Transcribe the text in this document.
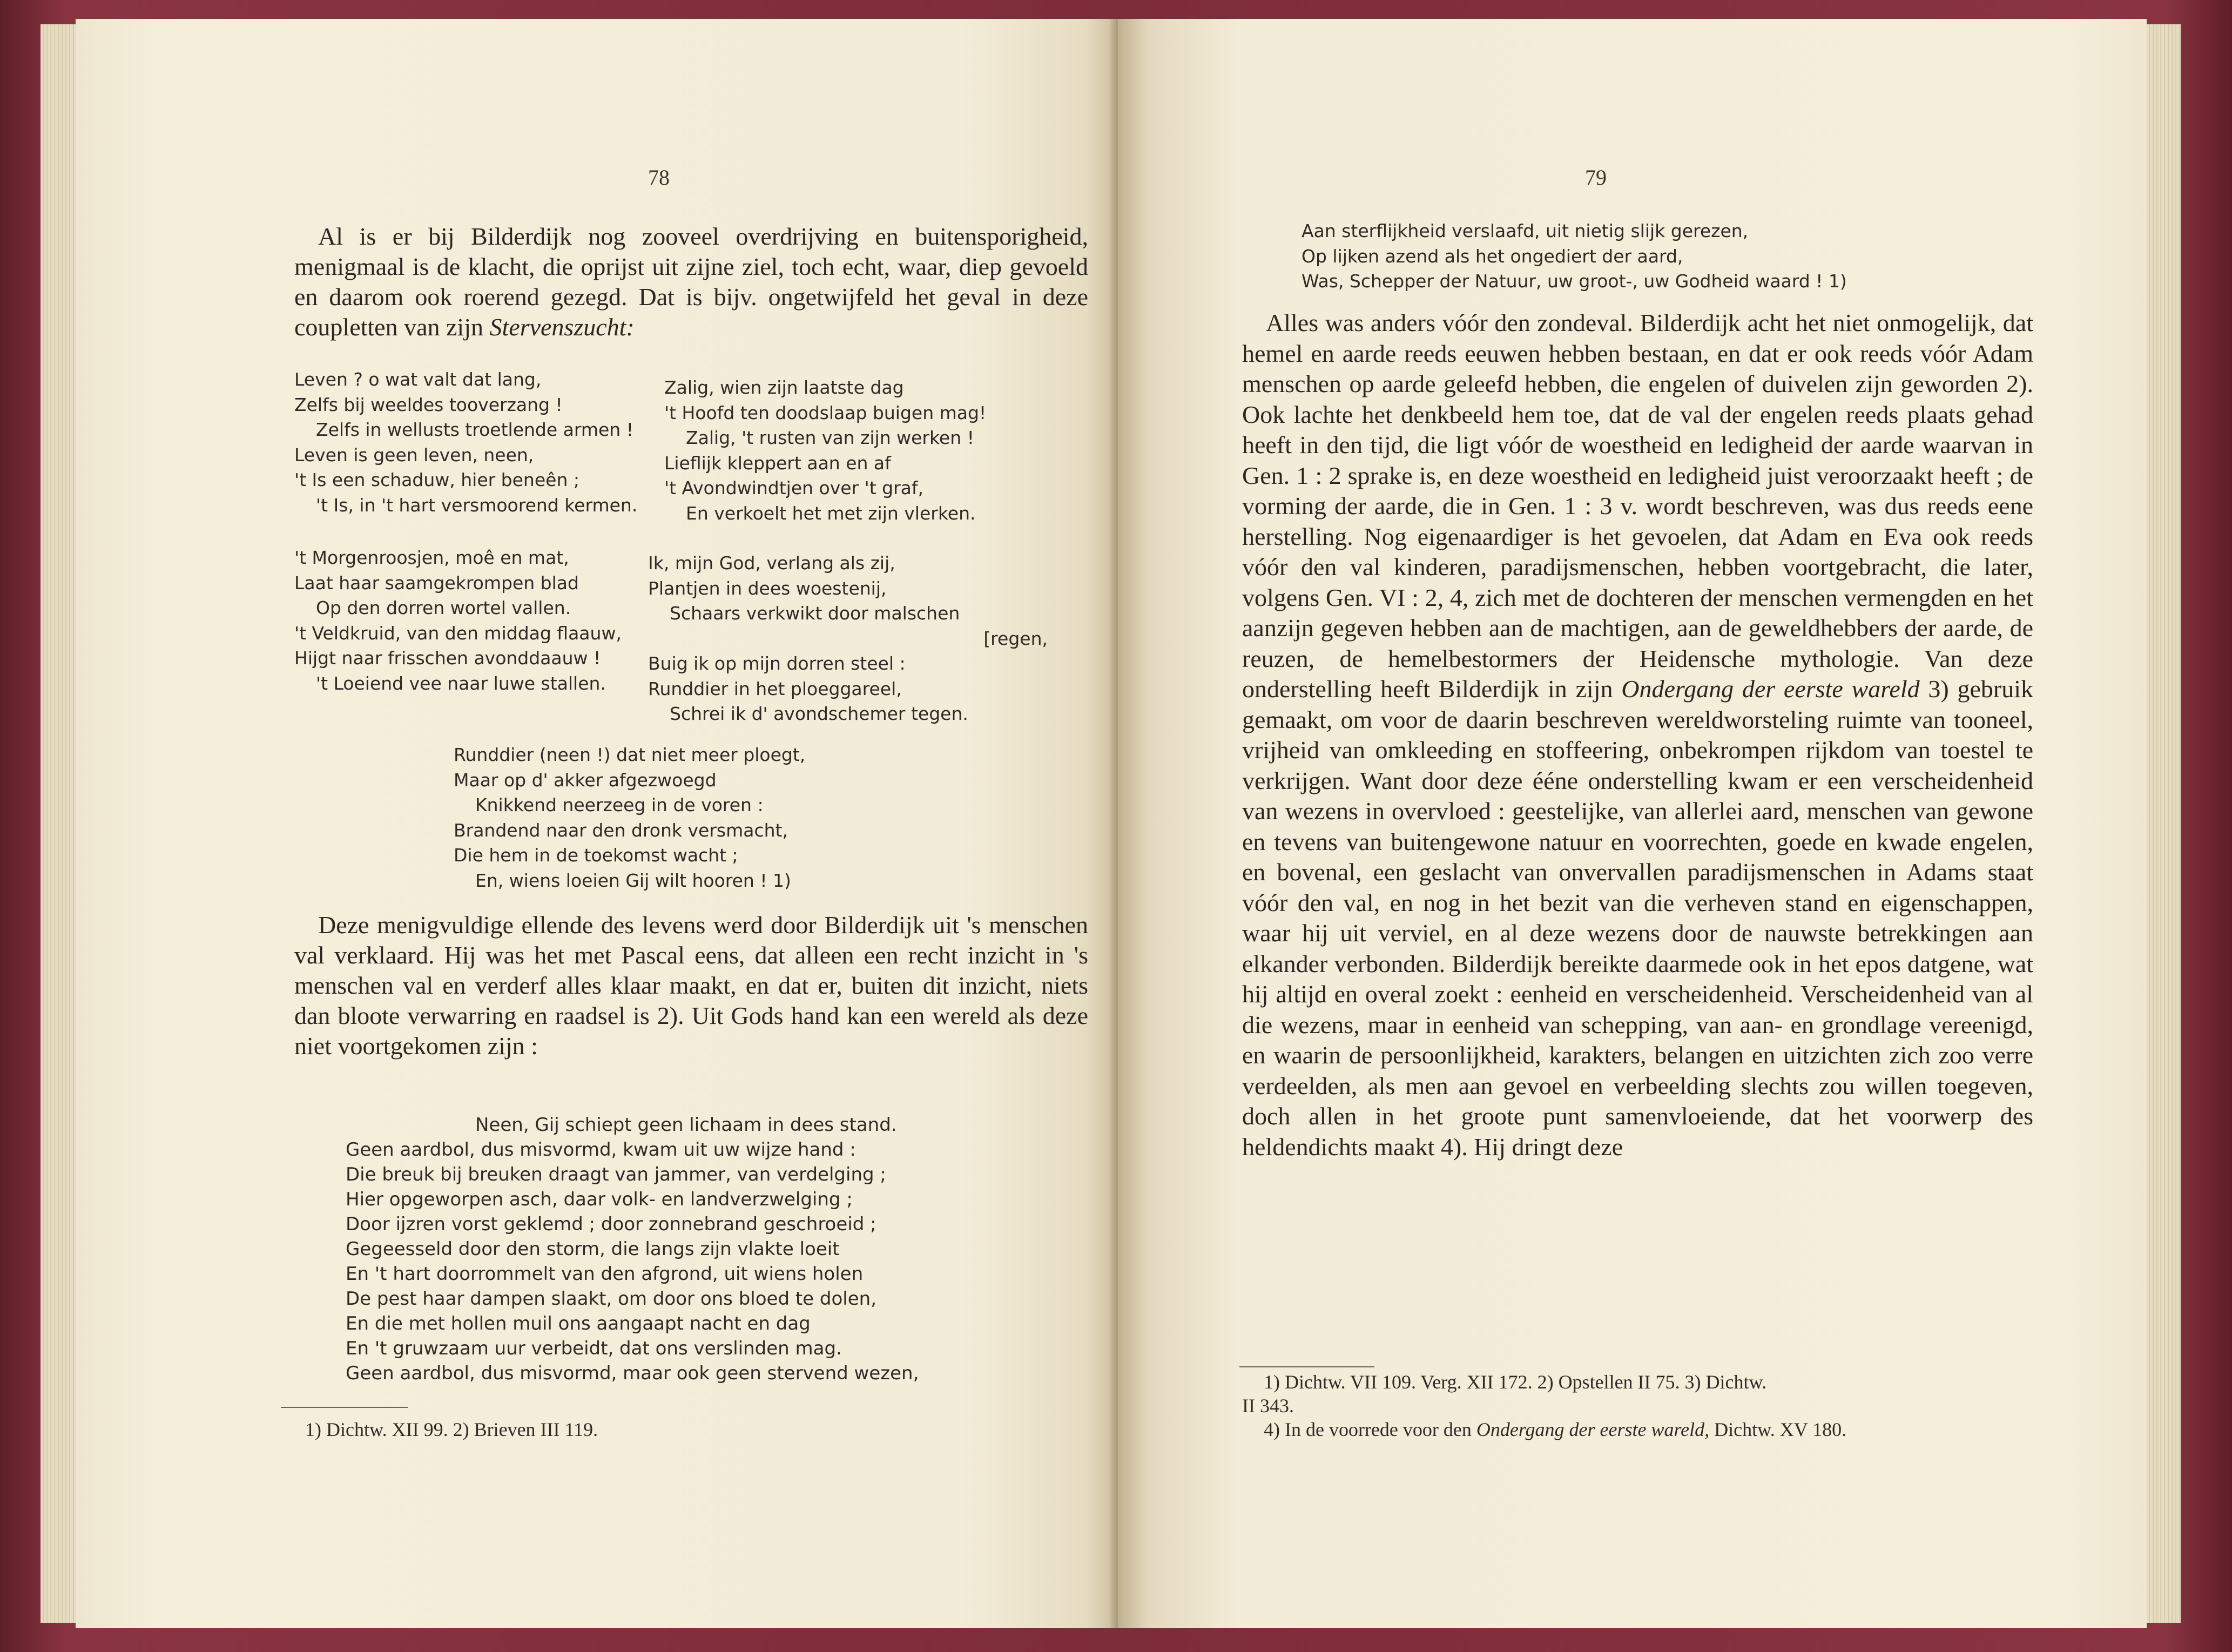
78

Al is er bij Bilderdijk nog zooveel overdrijving en buitensporigheid, menigmaal is de klacht, die oprijst uit zijne ziel, toch echt, waar, diep gevoeld en daarom ook roerend gezegd. Dat is bijv. ongetwijfeld het geval in deze coupletten van zijn Stervenszucht:

Leven ? o wat valt dat lang,
Zelfs bij weeldes tooverzang !
Zelfs in wellusts troetlende armen !
Leven is geen leven, neen,
't Is een schaduw, hier beneên ;
't Is, in 't hart versmoorend kermen.
Zalig, wien zijn laatste dag
't Hoofd ten doodslaap buigen mag!
Zalig, 't rusten van zijn werken !
Lieflijk kleppert aan en af
't Avondwindtjen over 't graf,
En verkoelt het met zijn vlerken.
't Morgenroosjen, moê en mat,
Laat haar saamgekrompen blad
Op den dorren wortel vallen.
't Veldkruid, van den middag flaauw,
Hijgt naar frisschen avonddaauw !
't Loeiend vee naar luwe stallen.
Ik, mijn God, verlang als zij,
Plantjen in dees woestenij,
Schaars verkwikt door malschen
[regen,
Buig ik op mijn dorren steel :
Runddier in het ploeggareel,
Schrei ik d' avondschemer tegen.
Runddier (neen !) dat niet meer ploegt,
Maar op d' akker afgezwoegd
Knikkend neerzeeg in de voren :
Brandend naar den dronk versmacht,
Die hem in de toekomst wacht ;
En, wiens loeien Gij wilt hooren ! 1)

Deze menigvuldige ellende des levens werd door Bilderdijk uit 's menschen val verklaard. Hij was het met Pascal eens, dat alleen een recht inzicht in 's menschen val en verderf alles klaar maakt, en dat er, buiten dit inzicht, niets dan bloote verwarring en raadsel is 2). Uit Gods hand kan een wereld als deze niet voortgekomen zijn :

Neen, Gij schiept geen lichaam in dees stand.
Geen aardbol, dus misvormd, kwam uit uw wijze hand :
Die breuk bij breuken draagt van jammer, van verdelging ;
Hier opgeworpen asch, daar volk- en landverzwelging ;
Door ijzren vorst geklemd ; door zonnebrand geschroeid ;
Gegeesseld door den storm, die langs zijn vlakte loeit
En 't hart doorrommelt van den afgrond, uit wiens holen
De pest haar dampen slaakt, om door ons bloed te dolen,
En die met hollen muil ons aangaapt nacht en dag
En 't gruwzaam uur verbeidt, dat ons verslinden mag.
Geen aardbol, dus misvormd, maar ook geen stervend wezen,
1) Dichtw. XII 99. 2) Brieven III 119.
79
Aan sterflijkheid verslaafd, uit nietig slijk gerezen,
Op lijken azend als het ongediert der aard,
Was, Schepper der Natuur, uw groot-, uw Godheid waard ! 1)

Alles was anders vóór den zondeval. Bilderdijk acht het niet onmogelijk, dat hemel en aarde reeds eeuwen hebben bestaan, en dat er ook reeds vóór Adam menschen op aarde geleefd hebben, die engelen of duivelen zijn geworden 2). Ook lachte het denkbeeld hem toe, dat de val der engelen reeds plaats gehad heeft in den tijd, die ligt vóór de woestheid en ledigheid der aarde waarvan in Gen. 1 : 2 sprake is, en deze woestheid en ledigheid juist veroorzaakt heeft ; de vorming der aarde, die in Gen. 1 : 3 v. wordt beschreven, was dus reeds eene herstelling. Nog eigenaardiger is het gevoelen, dat Adam en Eva ook reeds vóór den val kinderen, paradijsmenschen, hebben voortgebracht, die later, volgens Gen. VI : 2, 4, zich met de dochteren der menschen vermengden en het aanzijn gegeven hebben aan de machtigen, aan de geweldhebbers der aarde, de reuzen, de hemelbestormers der Heidensche mythologie. Van deze onderstelling heeft Bilderdijk in zijn Ondergang der eerste wareld 3) gebruik gemaakt, om voor de daarin beschreven wereldworsteling ruimte van tooneel, vrijheid van omkleeding en stoffeering, onbekrompen rijkdom van toestel te verkrijgen. Want door deze ééne onderstelling kwam er een verscheidenheid van wezens in overvloed : geestelijke, van allerlei aard, menschen van gewone en tevens van buitengewone natuur en voorrechten, goede en kwade engelen, en bovenal, een geslacht van onvervallen paradijsmenschen in Adams staat vóór den val, en nog in het bezit van die verheven stand en eigenschappen, waar hij uit verviel, en al deze wezens door de nauwste betrekkingen aan elkander verbonden. Bilderdijk bereikte daarmede ook in het epos datgene, wat hij altijd en overal zoekt : eenheid en verscheidenheid. Verscheidenheid van al die wezens, maar in eenheid van schepping, van aan- en grondlage vereenigd, en waarin de persoonlijkheid, karakters, belangen en uitzichten zich zoo verre verdeelden, als men aan gevoel en verbeelding slechts zou willen toegeven, doch allen in het groote punt samenvloeiende, dat het voorwerp des heldendichts maakt 4). Hij dringt deze

1) Dichtw. VII 109. Verg. XII 172. 2) Opstellen II 75. 3) Dichtw.
II 343.
4) In de voorrede voor den Ondergang der eerste wareld, Dichtw. XV 180.
